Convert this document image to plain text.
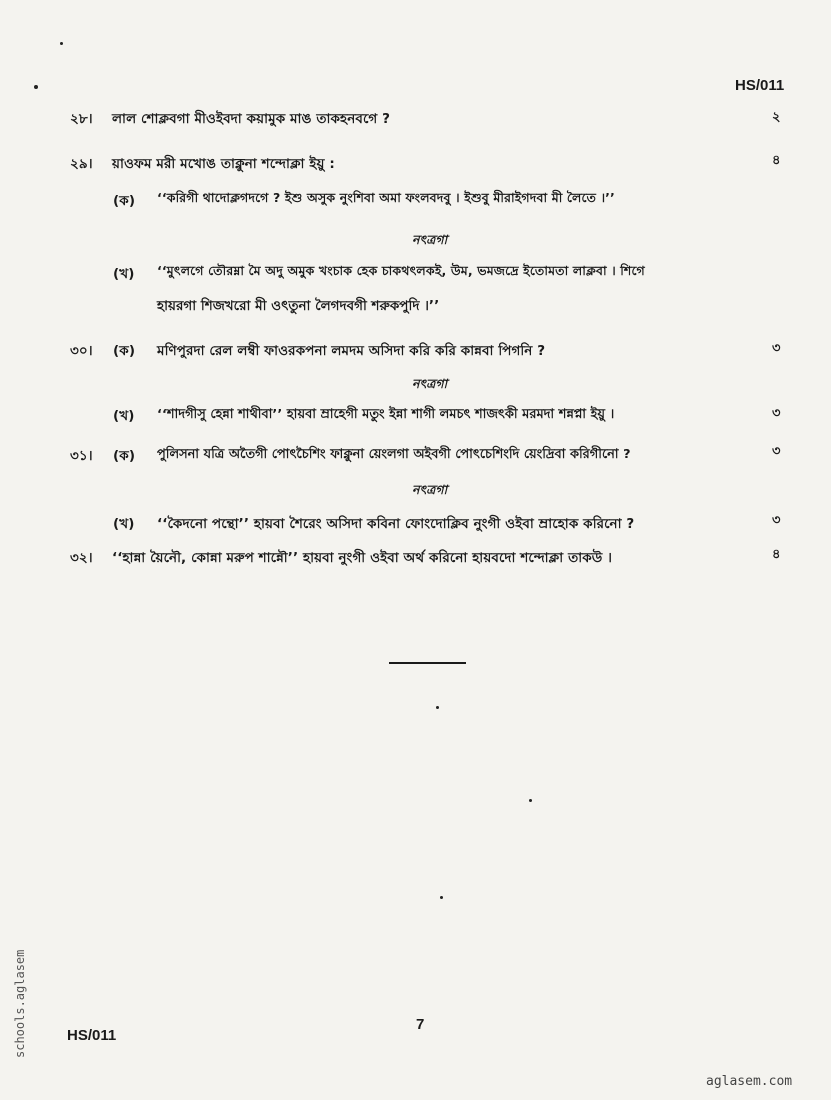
HS/011
২৮। লাল শোক্লবগা মীওইবদা কয়ামুক মাঙ তাকহনবগে ?	২
২৯। য়াওফম মরী মখোঙ তাক্নুনা শন্দোক্লা ইয়ু :	৪
(ক) ‘‘করিগী থাদোক্লগদগে ? ইশু অসুক নুংশিবা অমা ফংলবদবু । ইশুবু মীরাইগদবা মী লৈতে ।’’
নৎত্রগা
(খ) ‘‘মুৎলগে তৌরম্না মৈ অদু অমুক খংচাক হেক চাকথৎলকই, উম, ভমজদ্রে ইতোমতা লাক্লবা । শিগে
হায়রগা শিজখরো মী ওৎতুনা লৈগদবগী শরুকপুদি ।’’
৩০। (ক) মণিপুরদা রেল লম্বী ফাওরকপনা লমদম অসিদা করি করি কান্নবা পিগনি ?	৩
নৎত্রগা
(খ) ‘‘শাদগীসু হেন্না শাথীবা’’ হায়বা ম্রাহেগী মতুং ইন্না শাগী লমচৎ শাজৎকী মরমদা শন্নপ্না ইয়ু ।	৩
৩১। (ক) পুলিসনা যত্রি অতৈগী পোৎচৈশিং ফাক্নুনা য়েংলগা অইবগী পোৎচেশিংদি য়েংদ্রিবা করিগীনো ?	৩
নৎত্রগা
(খ) ‘‘কৈদনো পন্থো’’ হায়বা শৈরেং অসিদা কবিনা ফোংদোক্লিব নুংগী ওইবা ম্রাহোক করিনো ?	৩
৩২। ‘‘হান্না য়ৈনৌ, কোন্না মরুপ শান্নৌ’’ হায়বা নুংগী ওইবা অর্থ করিনো হায়বদো শন্দোক্লা তাকউ ।	৪
HS/011
7
schools.aglasem
aglasem.com
